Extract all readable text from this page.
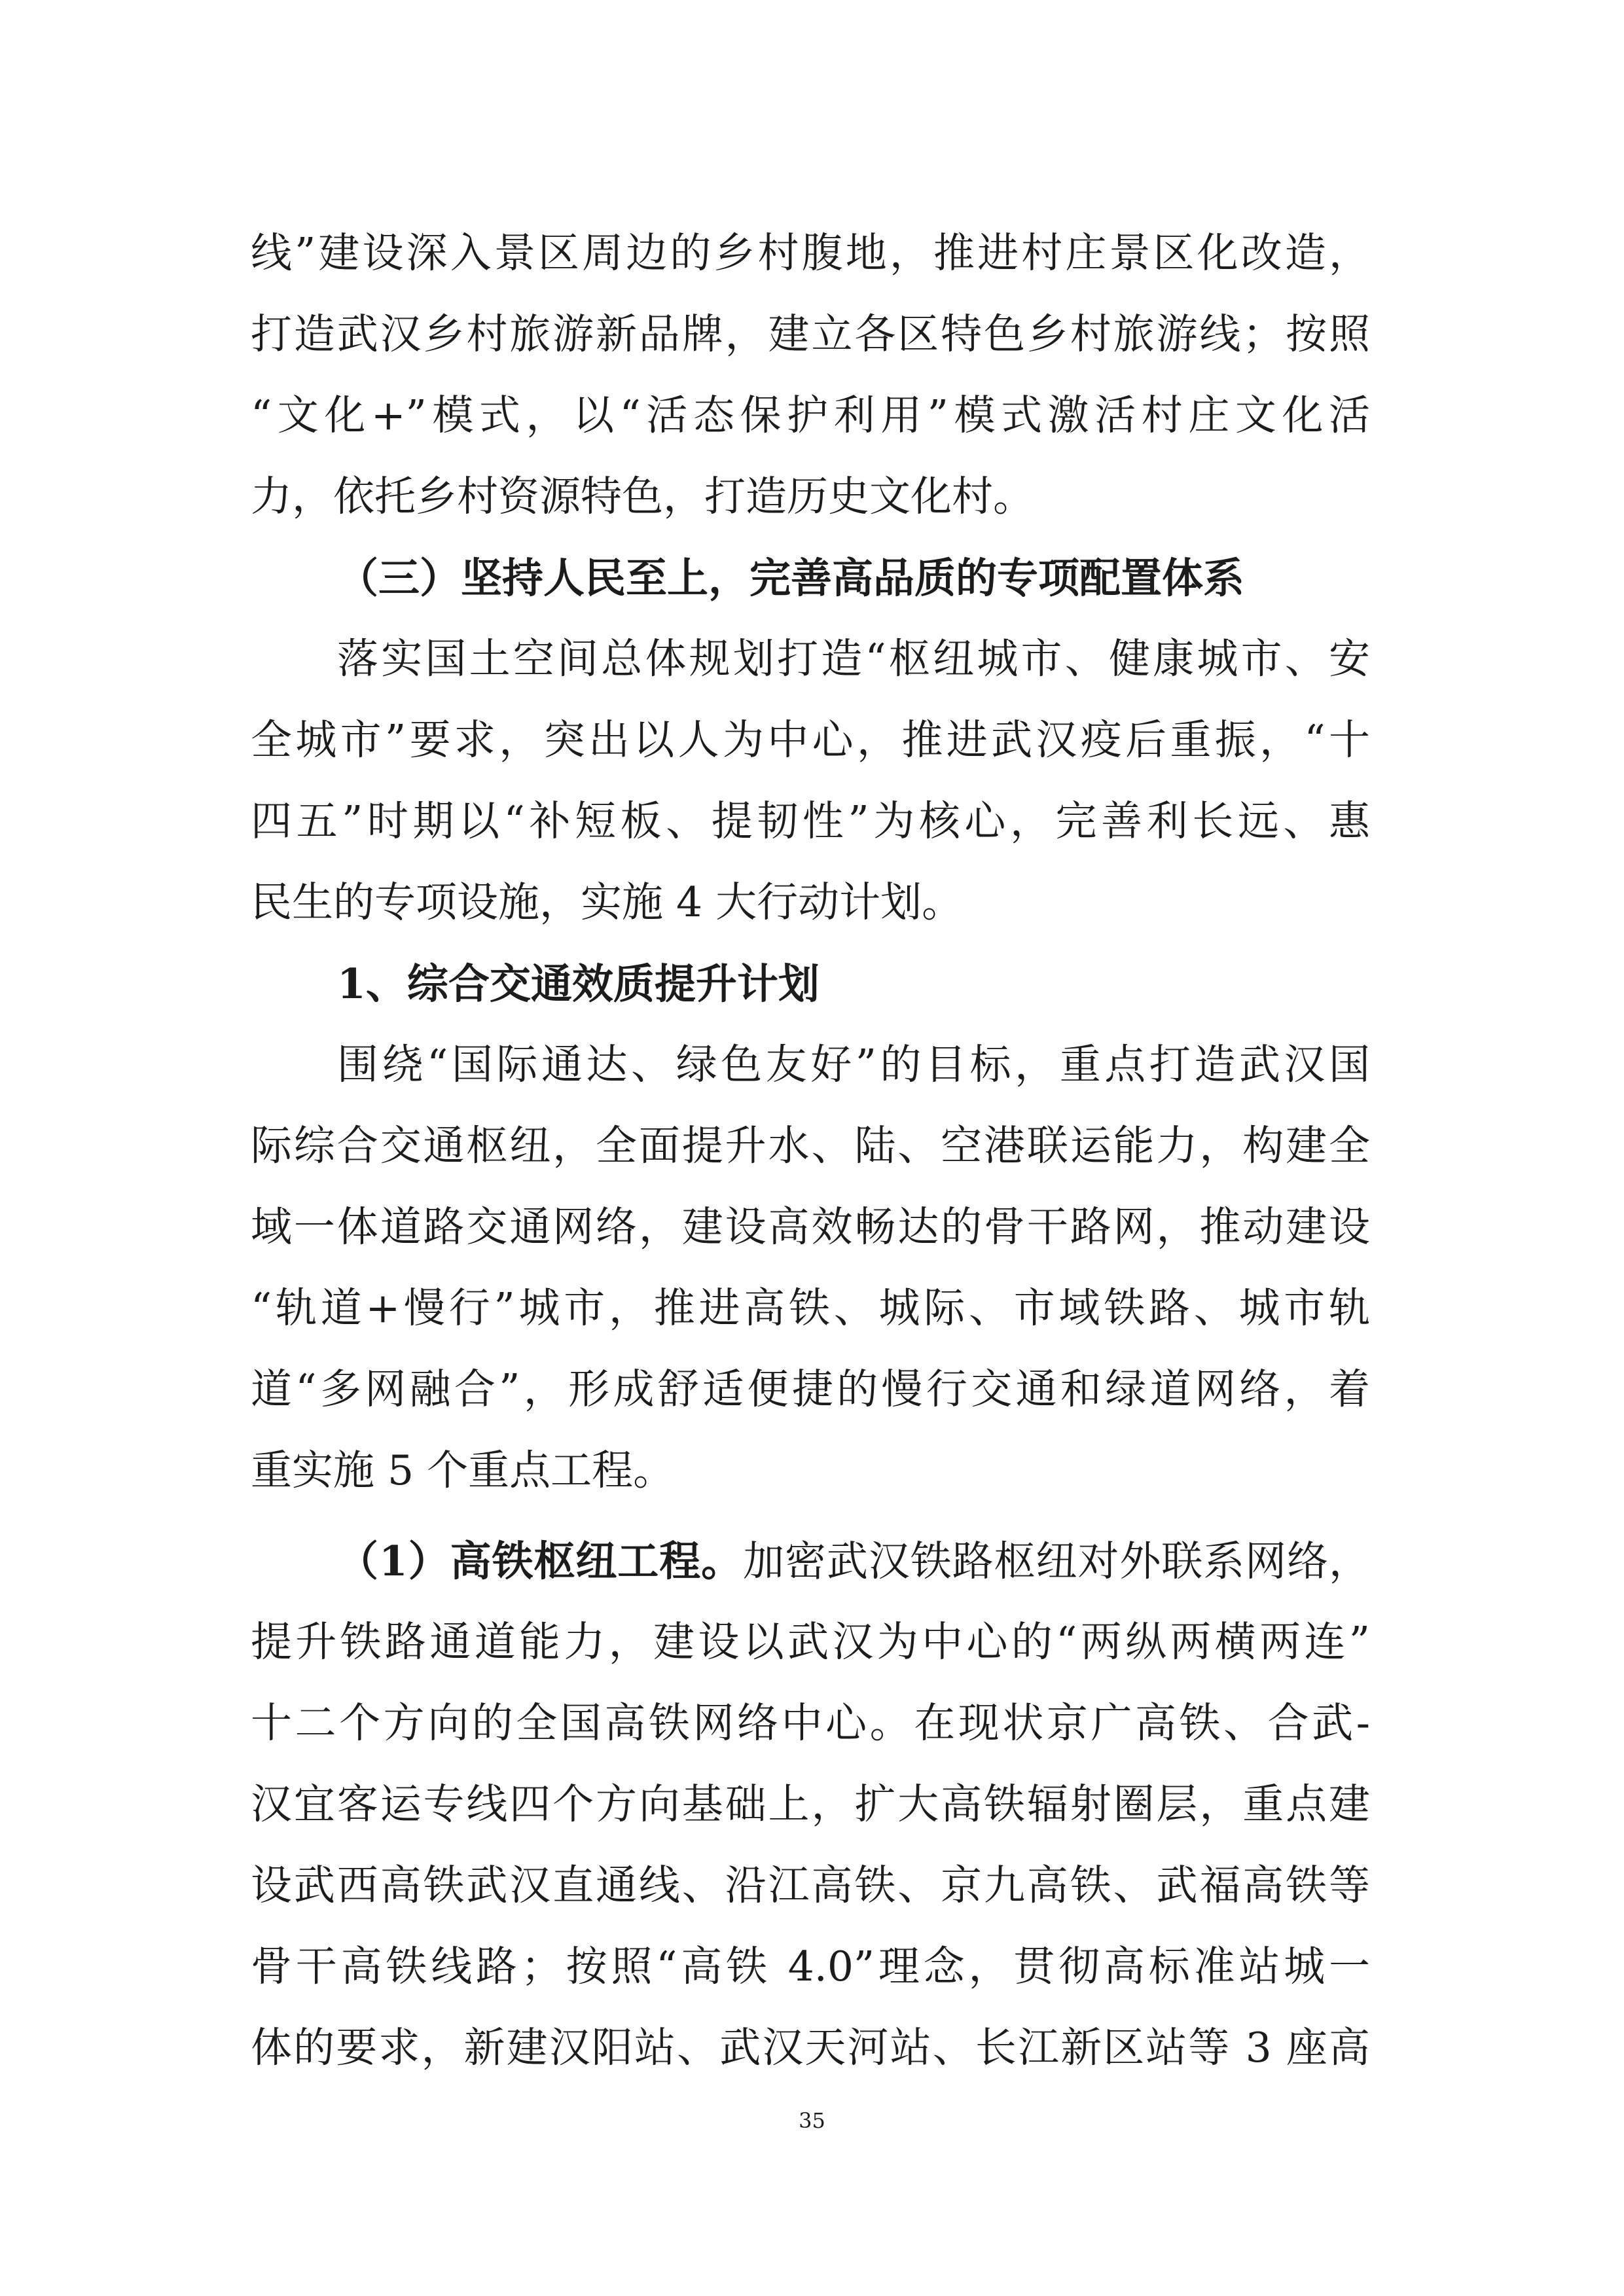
线”建设深入景区周边的乡村腹地，推进村庄景区化改造，
打造武汉乡村旅游新品牌，建立各区特色乡村旅游线；按照
“文化+”模式，以“活态保护利用”模式激活村庄文化活
力，依托乡村资源特色，打造历史文化村。
（三）坚持人民至上，完善高品质的专项配置体系
落实国土空间总体规划打造“枢纽城市、健康城市、安
全城市”要求，突出以人为中心，推进武汉疫后重振，“十
四五”时期以“补短板、提韧性”为核心，完善利长远、惠
民生的专项设施，实施 4 大行动计划。
1、综合交通效质提升计划
围绕“国际通达、绿色友好”的目标，重点打造武汉国
际综合交通枢纽，全面提升水、陆、空港联运能力，构建全
域一体道路交通网络，建设高效畅达的骨干路网，推动建设
“轨道+慢行”城市，推进高铁、城际、市域铁路、城市轨
道“多网融合”，形成舒适便捷的慢行交通和绿道网络，着
重实施 5 个重点工程。
（1）高铁枢纽工程。加密武汉铁路枢纽对外联系网络，
提升铁路通道能力，建设以武汉为中心的“两纵两横两连”
十二个方向的全国高铁网络中心。在现状京广高铁、合武-
汉宜客运专线四个方向基础上，扩大高铁辐射圈层，重点建
设武西高铁武汉直通线、沿江高铁、京九高铁、武福高铁等
骨干高铁线路；按照“高铁 4.0”理念，贯彻高标准站城一
体的要求，新建汉阳站、武汉天河站、长江新区站等 3 座高
35
